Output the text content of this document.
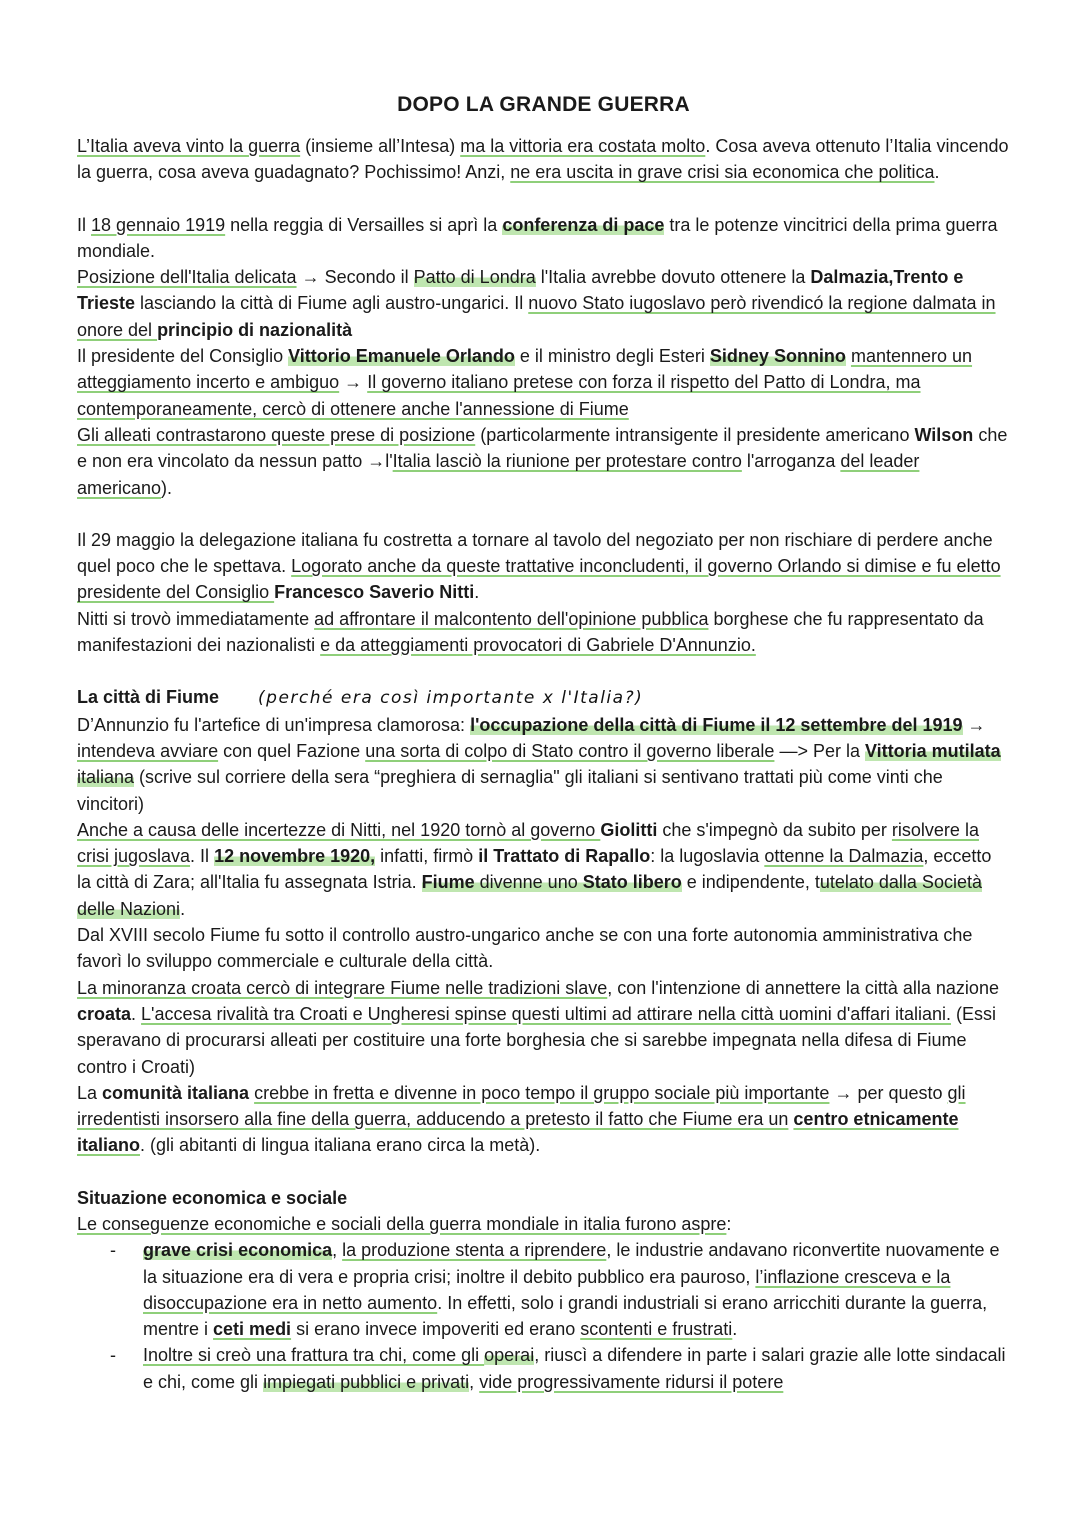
DOPO LA GRANDE GUERRA

L’Italia aveva vinto la guerra (insieme all’Intesa) ma la vittoria era costata molto. Cosa aveva ottenuto l’Italia vincendo la guerra, cosa aveva guadagnato? Pochissimo! Anzi, ne era uscita in grave crisi sia economica che politica.

Il 18 gennaio 1919 nella reggia di Versailles si aprì la conferenza di pace tra le potenze vincitrici della prima guerra mondiale.

Posizione dell'Italia delicata → Secondo il Patto di Londra l'Italia avrebbe dovuto ottenere la Dalmazia,Trento e Trieste lasciando la città di Fiume agli austro-ungarici. Il nuovo Stato iugoslavo però rivendicó la regione dalmata in onore del principio di nazionalità

Il presidente del Consiglio Vittorio Emanuele Orlando e il ministro degli Esteri Sidney Sonnino mantennero un atteggiamento incerto e ambiguo → Il governo italiano pretese con forza il rispetto del Patto di Londra, ma contemporaneamente, cercò di ottenere anche l'annessione di Fiume

Gli alleati contrastarono queste prese di posizione (particolarmente intransigente il presidente americano Wilson che e non era vincolato da nessun patto →l'Italia lasciò la riunione per protestare contro l'arroganza del leader americano).

Il 29 maggio la delegazione italiana fu costretta a tornare al tavolo del negoziato per non rischiare di perdere anche quel poco che le spettava. Logorato anche da queste trattative inconcludenti, il governo Orlando si dimise e fu eletto presidente del Consiglio Francesco Saverio Nitti.

Nitti si trovò immediatamente ad affrontare il malcontento dell'opinione pubblica borghese che fu rappresentato da manifestazioni dei nazionalisti e da atteggiamenti provocatori di Gabriele D'Annunzio.

La città di Fiume (perché era così importante x l'Italia?)

D’Annunzio fu l'artefice di un'impresa clamorosa: l'occupazione della città di Fiume il 12 settembre del 1919 → intendeva avviare con quel Fazione una sorta di colpo di Stato contro il governo liberale —> Per la Vittoria mutilata italiana (scrive sul corriere della sera “preghiera di sernaglia" gli italiani si sentivano trattati più come vinti che vincitori)

Anche a causa delle incertezze di Nitti, nel 1920 tornò al governo Giolitti che s'impegnò da subito per risolvere la crisi jugoslava. Il 12 novembre 1920, infatti, firmò il Trattato di Rapallo: la lugoslavia ottenne la Dalmazia, eccetto la città di Zara; all'Italia fu assegnata Istria. Fiume divenne uno Stato libero e indipendente, tutelato dalla Società delle Nazioni.

Dal XVIII secolo Fiume fu sotto il controllo austro-ungarico anche se con una forte autonomia amministrativa che favorì lo sviluppo commerciale e culturale della città.

La minoranza croata cercò di integrare Fiume nelle tradizioni slave, con l'intenzione di annettere la città alla nazione croata. L'accesa rivalità tra Croati e Ungheresi spinse questi ultimi ad attirare nella città uomini d'affari italiani. (Essi speravano di procurarsi alleati per costituire una forte borghesia che si sarebbe impegnata nella difesa di Fiume contro i Croati)

La comunità italiana crebbe in fretta e divenne in poco tempo il gruppo sociale più importante → per questo gli irredentisti insorsero alla fine della guerra, adducendo a pretesto il fatto che Fiume era un centro etnicamente italiano. (gli abitanti di lingua italiana erano circa la metà).

Situazione economica e sociale

Le conseguenze economiche e sociali della guerra mondiale in italia furono aspre:

- grave crisi economica, la produzione stenta a riprendere, le industrie andavano riconvertite nuovamente e la situazione era di vera e propria crisi; inoltre il debito pubblico era pauroso, l’inflazione cresceva e la disoccupazione era in netto aumento. In effetti, solo i grandi industriali si erano arricchiti durante la guerra, mentre i ceti medi si erano invece impoveriti ed erano scontenti e frustrati.
- Inoltre si creò una frattura tra chi, come gli operai, riuscì a difendere in parte i salari grazie alle lotte sindacali e chi, come gli impiegati pubblici e privati, vide progressivamente ridursi il potere
